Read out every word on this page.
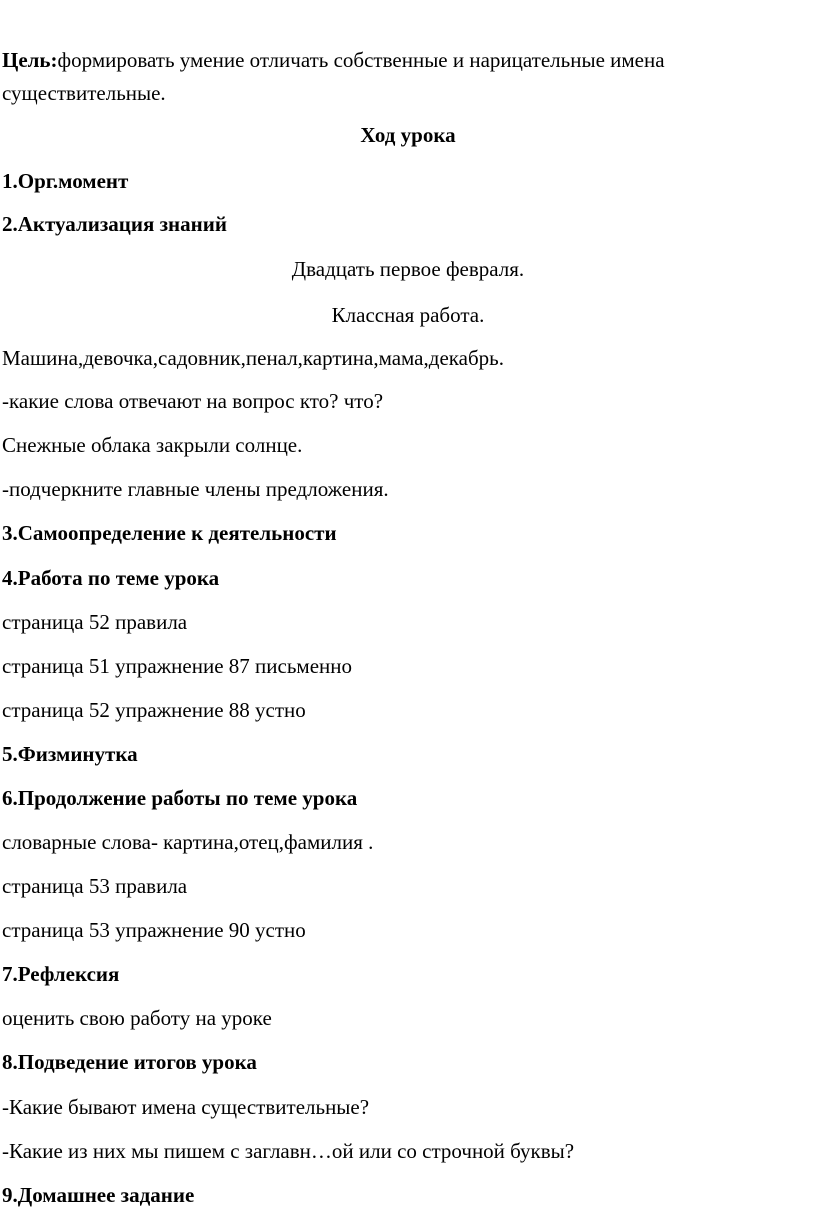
Цель:формировать умение отличать собственные и нарицательные имена
существительные.
Ход урока
1.Орг.момент
2.Актуализация знаний
Двадцать первое февраля.
Классная работа.
Машина,девочка,садовник,пенал,картина,мама,декабрь.
-какие слова отвечают на вопрос кто? что?
Снежные облака закрыли солнце.
-подчеркните главные члены предложения.
3.Самоопределение к деятельности
4.Работа по теме урока
страница 52 правила
страница 51 упражнение 87 письменно
страница 52 упражнение 88 устно
5.Физминутка
6.Продолжение работы по теме урока
словарные слова- картина,отец,фамилия .
страница 53 правила
страница 53 упражнение 90 устно
7.Рефлексия
оценить свою работу на уроке
8.Подведение итогов урока
-Какие бывают имена существительные?
-Какие из них мы пишем с заглавн…ой или со строчной буквы?
9.Домашнее задание
